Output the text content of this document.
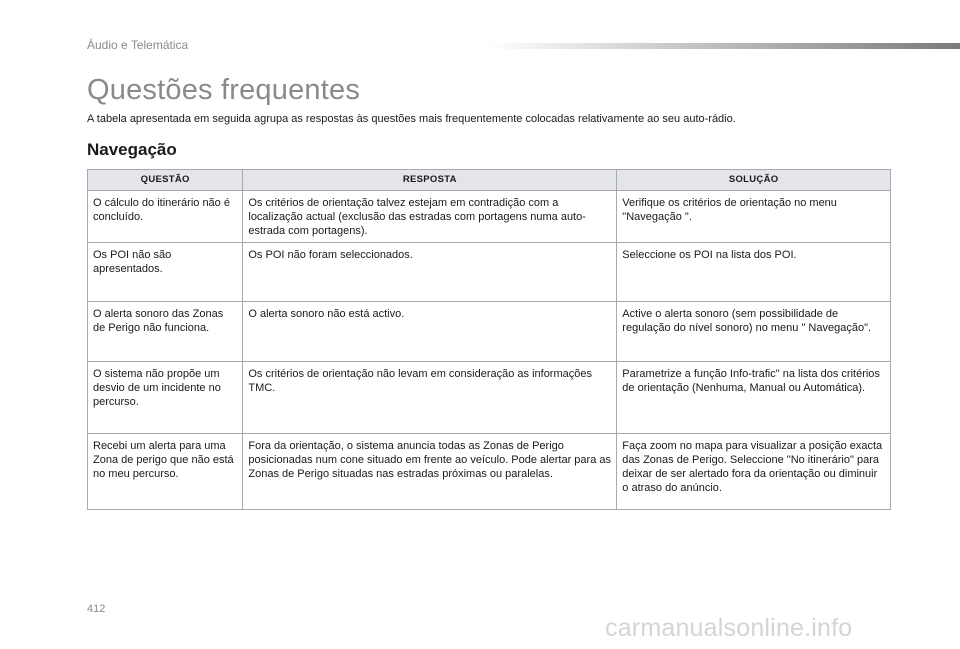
Áudio e Telemática
Questões frequentes

A tabela apresentada em seguida agrupa as respostas às questões mais frequentemente colocadas relativamente ao seu auto-rádio.

Navegação
QUESTÃO	RESPOSTA	SOLUÇÃO
O cálculo do itinerário não é concluído.	Os critérios de orientação talvez estejam em contradição com a localização actual (exclusão das estradas com portagens numa auto-estrada com portagens).	Verifique os critérios de orientação no menu "Navegação ".
Os POI não são apresentados.	Os POI não foram seleccionados.	Seleccione os POI na lista dos POI.
O alerta sonoro das Zonas de Perigo não funciona.	O alerta sonoro não está activo.	Active o alerta sonoro (sem possibilidade de regulação do nível sonoro) no menu " Navegação".
O sistema não propõe um desvio de um incidente no percurso.	Os critérios de orientação não levam em consideração as informações TMC.	Parametrize a função Info-trafic" na lista dos critérios de orientação (Nenhuma, Manual ou Automática).
Recebi um alerta para uma Zona de perigo que não está no meu percurso.	Fora da orientação, o sistema anuncia todas as Zonas de Perigo posicionadas num cone situado em frente ao veículo. Pode alertar para as Zonas de Perigo situadas nas estradas próximas ou paralelas.	Faça zoom no mapa para visualizar a posição exacta das Zonas de Perigo. Seleccione "No itinerário" para deixar de ser alertado fora da orientação ou diminuir o atraso do anúncio.
412
carmanualsonline.info
